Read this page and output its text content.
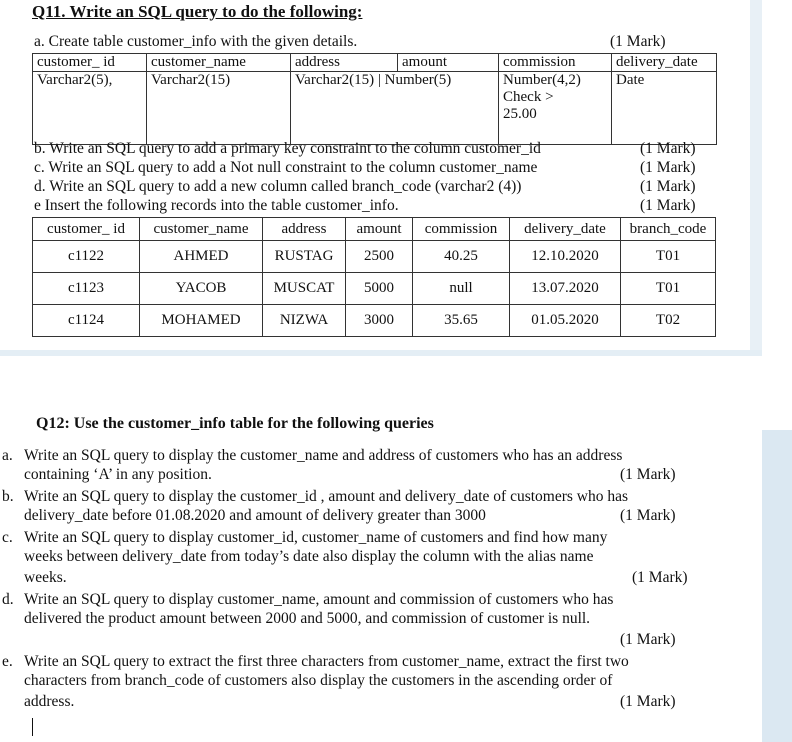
Q11. Write an SQL query to do the following:
a. Create table customer_info with the given details.	(1 Mark)
customer_ id	customer_name	address	amount	commission	delivery_date
Varchar2(5),	Varchar2(15)	Varchar2(15) | Number(5)		Number(4,2)
Check >
25.00	Date
b. Write an SQL query to add a primary key constraint to the column customer_id	(1 Mark)
c. Write an SQL query to add a Not null constraint to the column customer_name	(1 Mark)
d. Write an SQL query to add a new column called branch_code (varchar2 (4))	(1 Mark)
e Insert the following records into the table customer_info.	(1 Mark)
customer_ id	customer_name	address	amount	commission	delivery_date	branch_code
c1122	AHMED	RUSTAG	2500	40.25	12.10.2020	T01
c1123	YACOB	MUSCAT	5000	null	13.07.2020	T01
c1124	MOHAMED	NIZWA	3000	35.65	01.05.2020	T02
Q12: Use the customer_info table for the following queries
a. Write an SQL query to display the customer_name and address of customers who has an address
containing ‘A’ in any position.	(1 Mark)
b. Write an SQL query to display the customer_id , amount and delivery_date of customers who has
delivery_date before 01.08.2020 and amount of delivery greater than 3000	(1 Mark)
c. Write an SQL query to display customer_id, customer_name of customers and find how many
weeks between delivery_date from today’s date also display the column with the alias name
weeks.	(1 Mark)
d. Write an SQL query to display customer_name, amount and commission of customers who has
delivered the product amount between 2000 and 5000, and commission of customer is null.
(1 Mark)
e. Write an SQL query to extract the first three characters from customer_name, extract the first two
characters from branch_code of customers also display the customers in the ascending order of
address.	(1 Mark)
